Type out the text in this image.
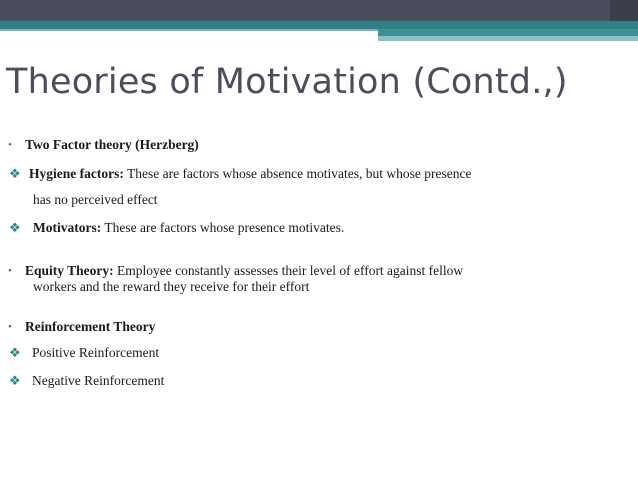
Theories of Motivation (Contd.,)
• Two Factor theory (Herzberg)
❖ Hygiene factors: These are factors whose absence motivates, but whose presence
has no perceived effect
❖ Motivators: These are factors whose presence motivates.
• Equity Theory: Employee constantly assesses their level of effort against fellow
workers and the reward they receive for their effort
• Reinforcement Theory
❖ Positive Reinforcement
❖ Negative Reinforcement
